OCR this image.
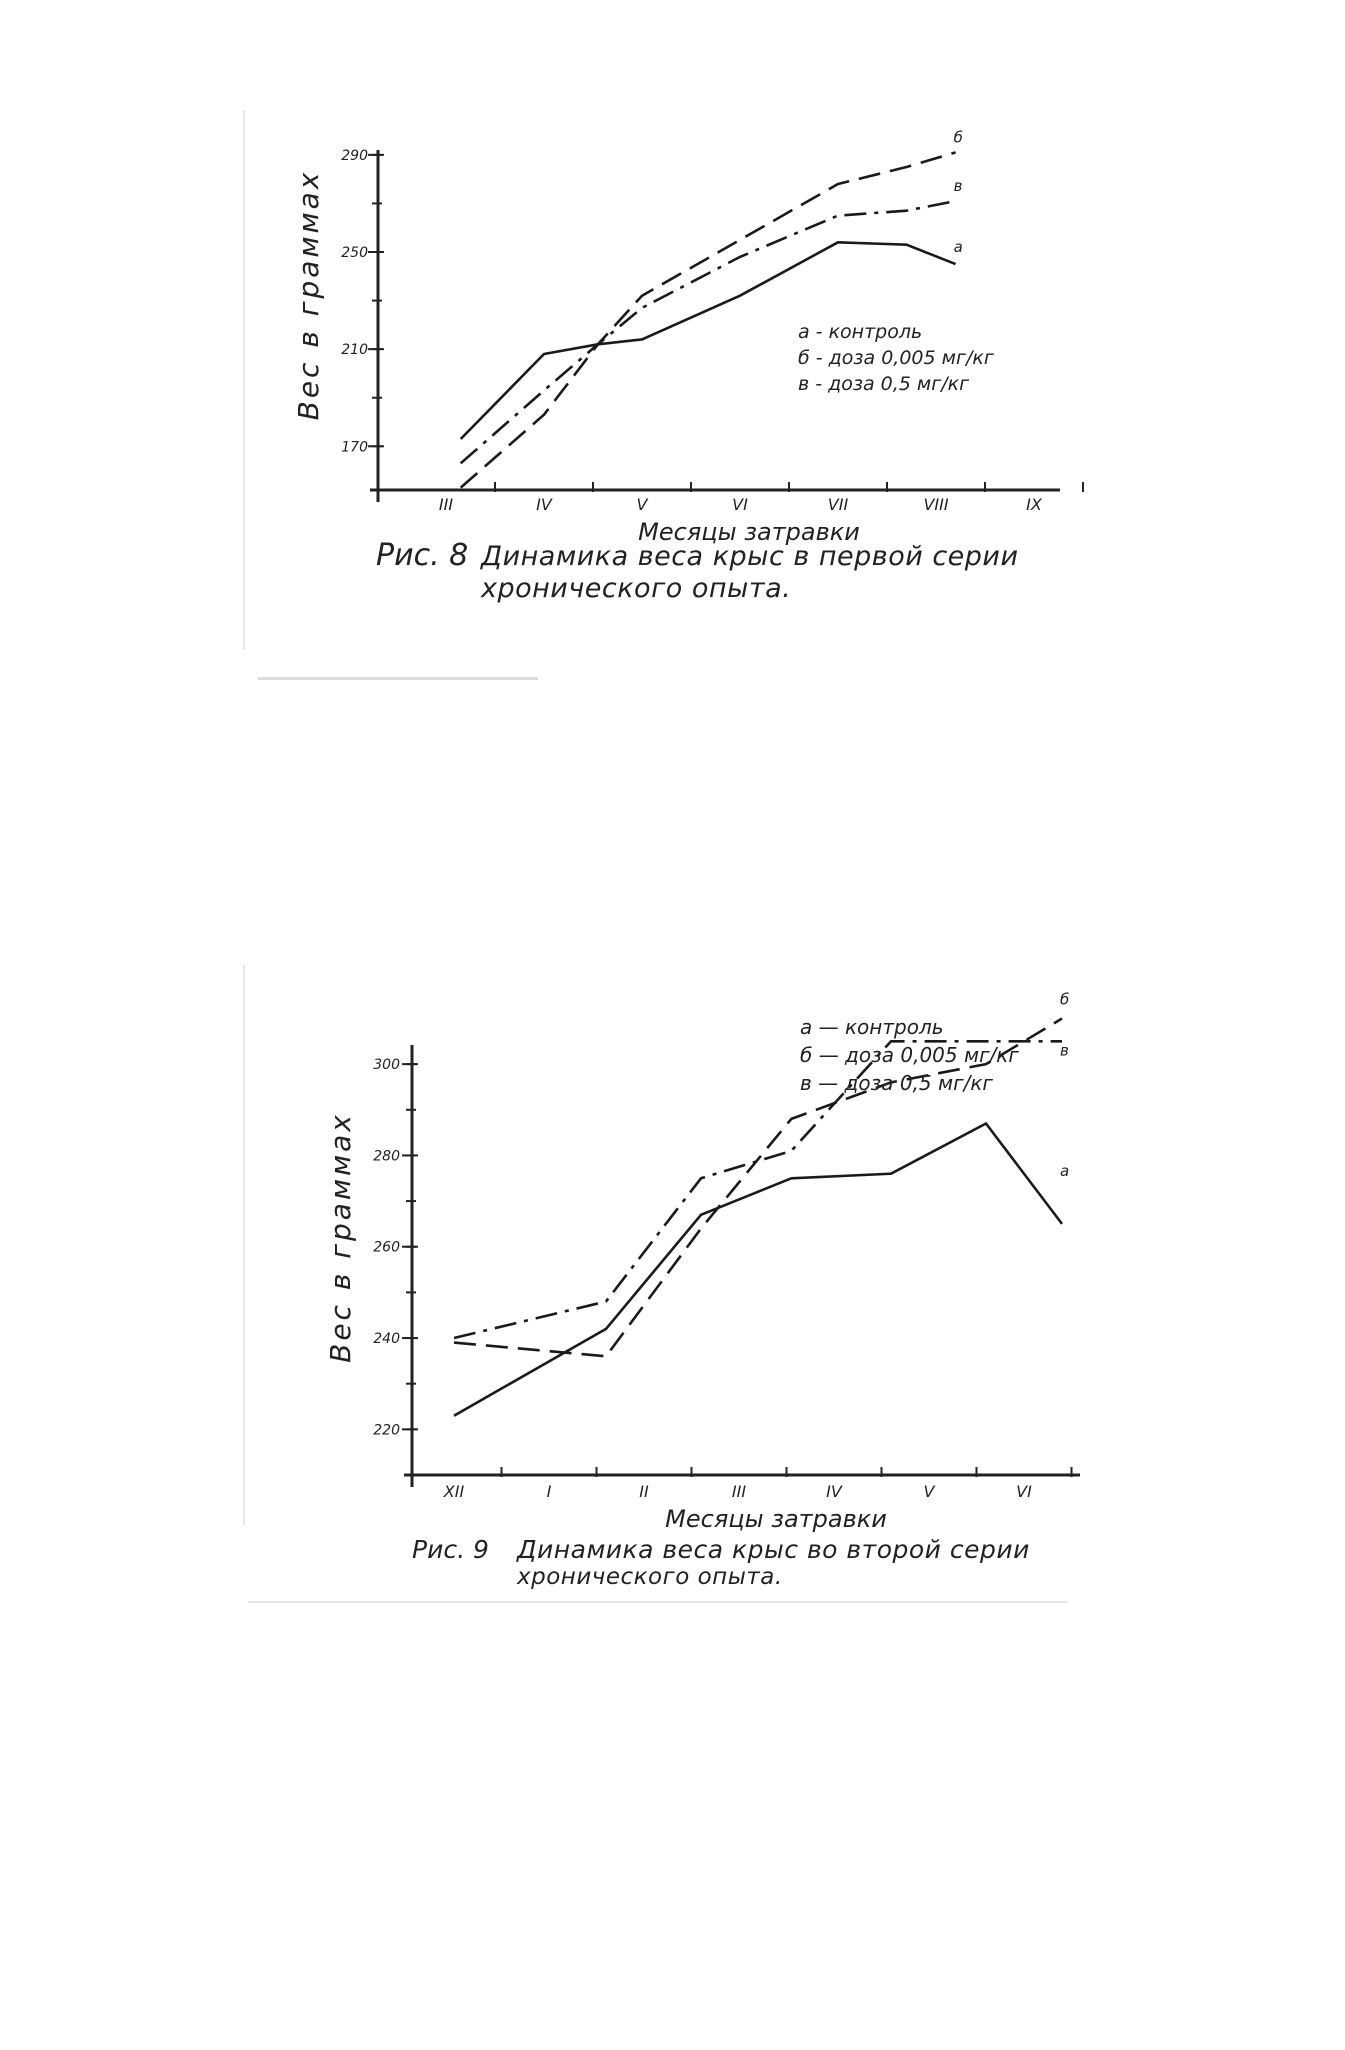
170
210
250
290
III	IV	V	VI	VII	VIII	IX
Месяцы затравки
Вес в граммах	а
б
в
а - контроль
б - доза 0,005 мг/кг
в - доза 0,5 мг/кг
220
240
260
280
300
XII	I	II	III	IV	V	VI
Месяцы затравки
Вес в граммах	а
б
в
а — контроль
б — доза 0,005 мг/кг
в — доза 0,5 мг/кг
Рис. 8 Динамика веса крыс в первой серии
хронического опыта.
Рис. 9 Динамика веса крыс во второй серии
хронического опыта.
